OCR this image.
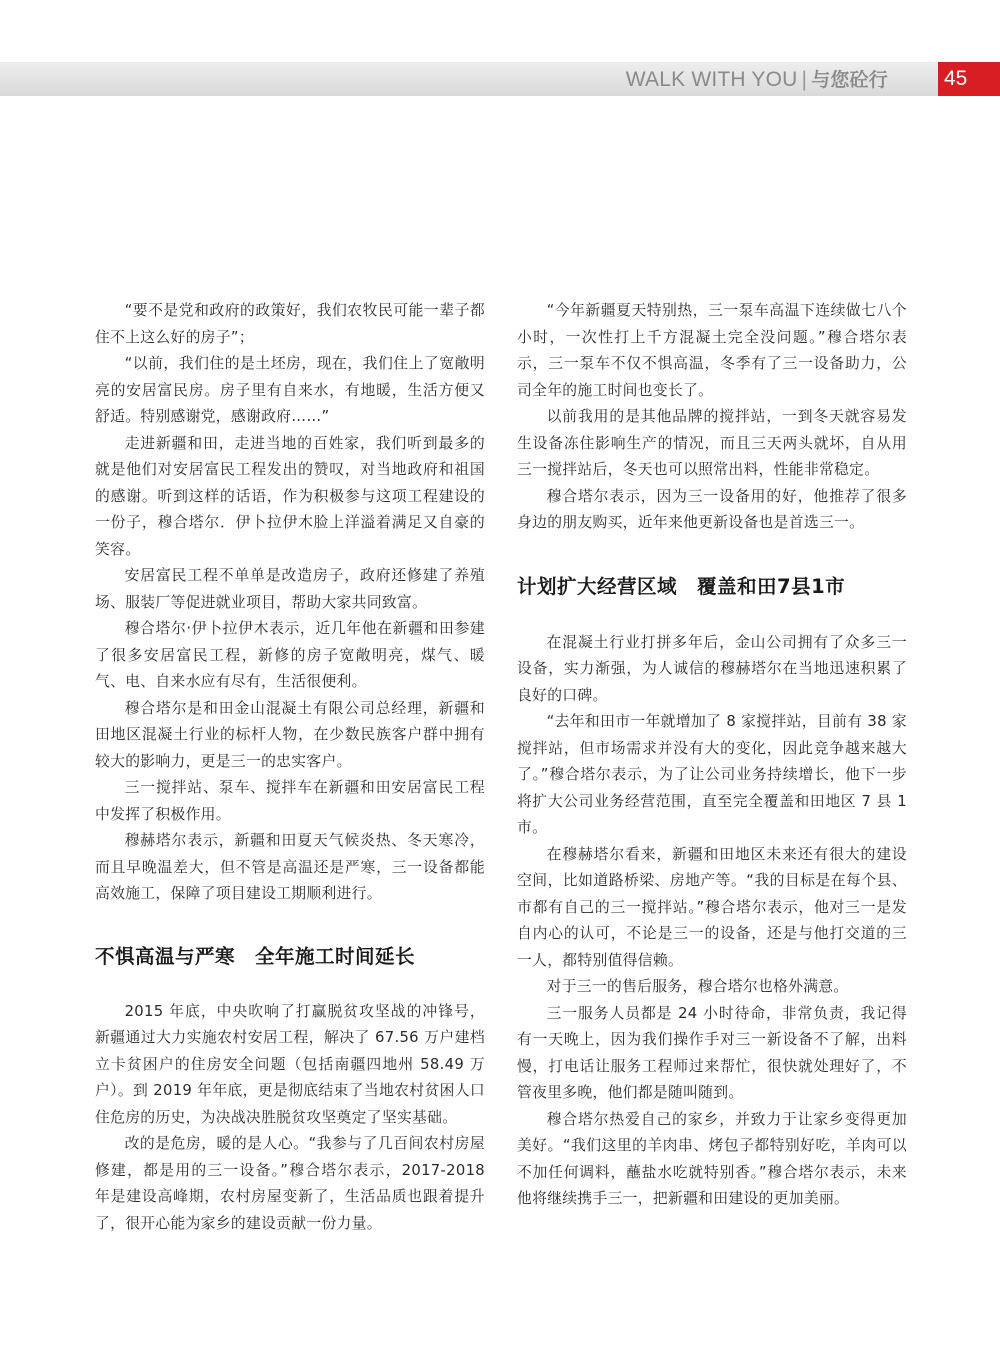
WALK WITH YOU | 与您砼行	45

“要不是党和政府的政策好，我们农牧民可能一辈子都住不上这么好的房子”；

“以前，我们住的是土坯房，现在，我们住上了宽敞明亮的安居富民房。房子里有自来水，有地暖，生活方便又舒适。特别感谢党，感谢政府……”

走进新疆和田，走进当地的百姓家，我们听到最多的就是他们对安居富民工程发出的赞叹，对当地政府和祖国的感谢。听到这样的话语，作为积极参与这项工程建设的一份子，穆合塔尔．伊卜拉伊木脸上洋溢着满足又自豪的笑容。

安居富民工程不单单是改造房子，政府还修建了养殖场、服装厂等促进就业项目，帮助大家共同致富。

穆合塔尔·伊卜拉伊木表示，近几年他在新疆和田参建了很多安居富民工程，新修的房子宽敞明亮，煤气、暖气、电、自来水应有尽有，生活很便利。

穆合塔尔是和田金山混凝土有限公司总经理，新疆和田地区混凝土行业的标杆人物，在少数民族客户群中拥有较大的影响力，更是三一的忠实客户。

三一搅拌站、泵车、搅拌车在新疆和田安居富民工程中发挥了积极作用。

穆赫塔尔表示，新疆和田夏天气候炎热、冬天寒冷，而且早晚温差大，但不管是高温还是严寒，三一设备都能高效施工，保障了项目建设工期顺利进行。

不惧高温与严寒　全年施工时间延长

2015 年底，中央吹响了打赢脱贫攻坚战的冲锋号，新疆通过大力实施农村安居工程，解决了 67.56 万户建档立卡贫困户的住房安全问题（包括南疆四地州 58.49 万户）。到 2019 年年底，更是彻底结束了当地农村贫困人口住危房的历史，为决战决胜脱贫攻坚奠定了坚实基础。

改的是危房，暖的是人心。“我参与了几百间农村房屋修建，都是用的三一设备。”穆合塔尔表示，2017-2018 年是建设高峰期，农村房屋变新了，生活品质也跟着提升了，很开心能为家乡的建设贡献一份力量。

“今年新疆夏天特别热，三一泵车高温下连续做七八个小时，一次性打上千方混凝土完全没问题。”穆合塔尔表示，三一泵车不仅不惧高温，冬季有了三一设备助力，公司全年的施工时间也变长了。

以前我用的是其他品牌的搅拌站，一到冬天就容易发生设备冻住影响生产的情况，而且三天两头就坏，自从用三一搅拌站后，冬天也可以照常出料，性能非常稳定。

穆合塔尔表示，因为三一设备用的好，他推荐了很多身边的朋友购买，近年来他更新设备也是首选三一。

计划扩大经营区域　覆盖和田7县1市

在混凝土行业打拼多年后，金山公司拥有了众多三一设备，实力渐强，为人诚信的穆赫塔尔在当地迅速积累了良好的口碑。

“去年和田市一年就增加了 8 家搅拌站，目前有 38 家搅拌站，但市场需求并没有大的变化，因此竞争越来越大了。”穆合塔尔表示，为了让公司业务持续增长，他下一步将扩大公司业务经营范围，直至完全覆盖和田地区 7 县 1 市。

在穆赫塔尔看来，新疆和田地区未来还有很大的建设空间，比如道路桥梁、房地产等。“我的目标是在每个县、市都有自己的三一搅拌站。”穆合塔尔表示，他对三一是发自内心的认可，不论是三一的设备，还是与他打交道的三一人，都特别值得信赖。

对于三一的售后服务，穆合塔尔也格外满意。

三一服务人员都是 24 小时待命，非常负责，我记得有一天晚上，因为我们操作手对三一新设备不了解，出料慢，打电话让服务工程师过来帮忙，很快就处理好了，不管夜里多晚，他们都是随叫随到。

穆合塔尔热爱自己的家乡，并致力于让家乡变得更加美好。“我们这里的羊肉串、烤包子都特别好吃，羊肉可以不加任何调料，蘸盐水吃就特别香。”穆合塔尔表示，未来他将继续携手三一，把新疆和田建设的更加美丽。
